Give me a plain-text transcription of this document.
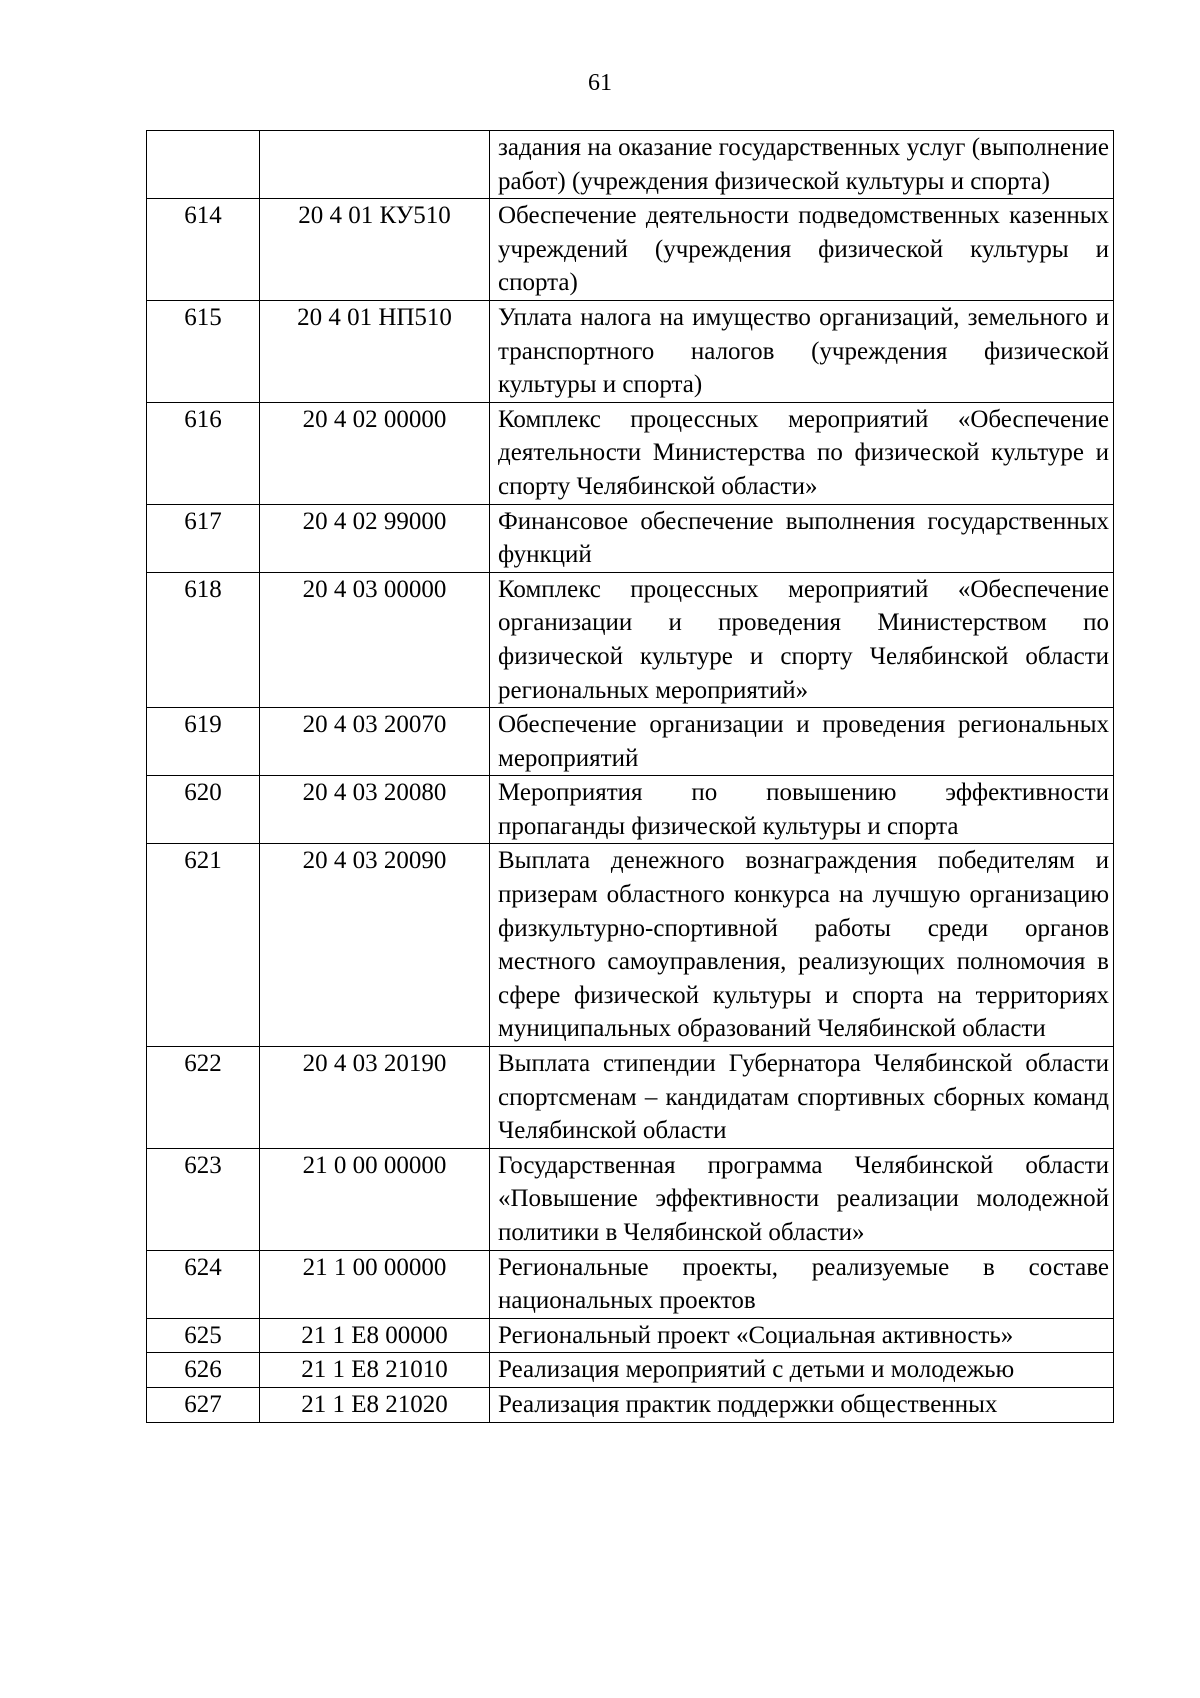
61
		задания на оказание государственных услуг (выполнение работ) (учреждения физической культуры и спорта)
614	20 4 01 КУ510	Обеспечение деятельности подведомственных казенных учреждений (учреждения физической культуры и спорта)
615	20 4 01 НП510	Уплата налога на имущество организаций, земельного и транспортного налогов (учреждения физической культуры и спорта)
616	20 4 02 00000	Комплекс процессных мероприятий «Обеспечение деятельности Министерства по физической культуре и спорту Челябинской области»
617	20 4 02 99000	Финансовое обеспечение выполнения государственных функций
618	20 4 03 00000	Комплекс процессных мероприятий «Обеспечение организации и проведения Министерством по физической культуре и спорту Челябинской области региональных мероприятий»
619	20 4 03 20070	Обеспечение организации и проведения региональных мероприятий
620	20 4 03 20080	Мероприятия по повышению эффективности пропаганды физической культуры и спорта
621	20 4 03 20090	Выплата денежного вознаграждения победителям и призерам областного конкурса на лучшую организацию физкультурно-спортивной работы среди органов местного самоуправления, реализующих полномочия в сфере физической культуры и спорта на территориях муниципальных образований Челябинской области
622	20 4 03 20190	Выплата стипендии Губернатора Челябинской области спортсменам – кандидатам спортивных сборных команд Челябинской области
623	21 0 00 00000	Государственная программа Челябинской области «Повышение эффективности реализации молодежной политики в Челябинской области»
624	21 1 00 00000	Региональные проекты, реализуемые в составе национальных проектов
625	21 1 Е8 00000	Региональный проект «Социальная активность»
626	21 1 Е8 21010	Реализация мероприятий с детьми и молодежью
627	21 1 Е8 21020	Реализация практик поддержки общественных
